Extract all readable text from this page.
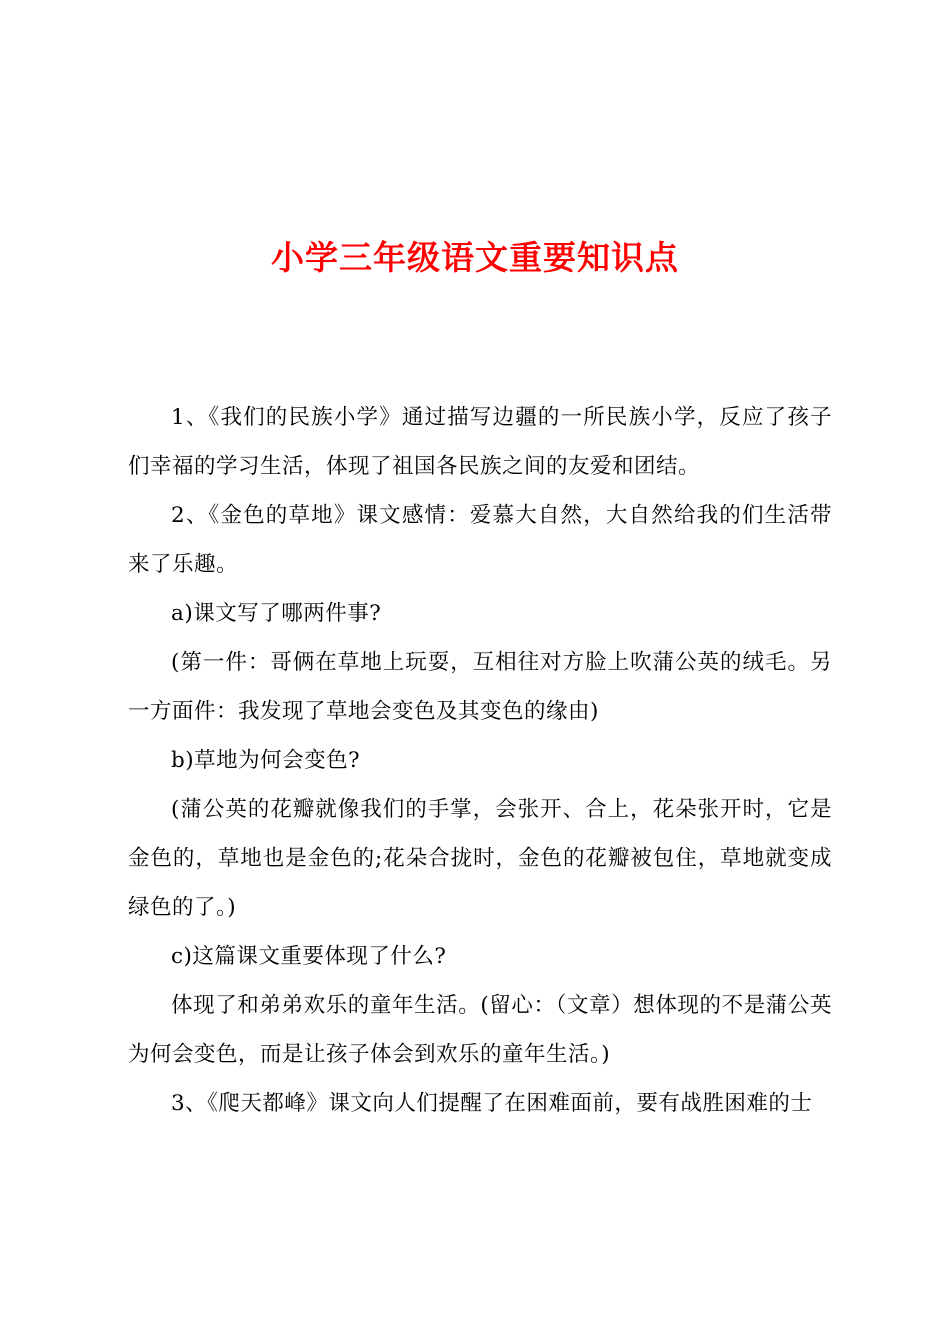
小学三年级语文重要知识点

1、《我们的民族小学》通过描写边疆的一所民族小学，反应了孩子们幸福的学习生活，体现了祖国各民族之间的友爱和团结。

2、《金色的草地》课文感情：爱慕大自然，大自然给我的们生活带来了乐趣。

a)课文写了哪两件事?

(第一件：哥俩在草地上玩耍，互相往对方脸上吹蒲公英的绒毛。另一方面件：我发现了草地会变色及其变色的缘由)

b)草地为何会变色?

(蒲公英的花瓣就像我们的手掌，会张开、合上，花朵张开时，它是金色的，草地也是金色的;花朵合拢时，金色的花瓣被包住，草地就变成绿色的了。)

c)这篇课文重要体现了什么?

体现了和弟弟欢乐的童年生活。(留心：（文章）想体现的不是蒲公英为何会变色，而是让孩子体会到欢乐的童年生活。)

3、《爬天都峰》课文向人们提醒了在困难面前，要有战胜困难的士
